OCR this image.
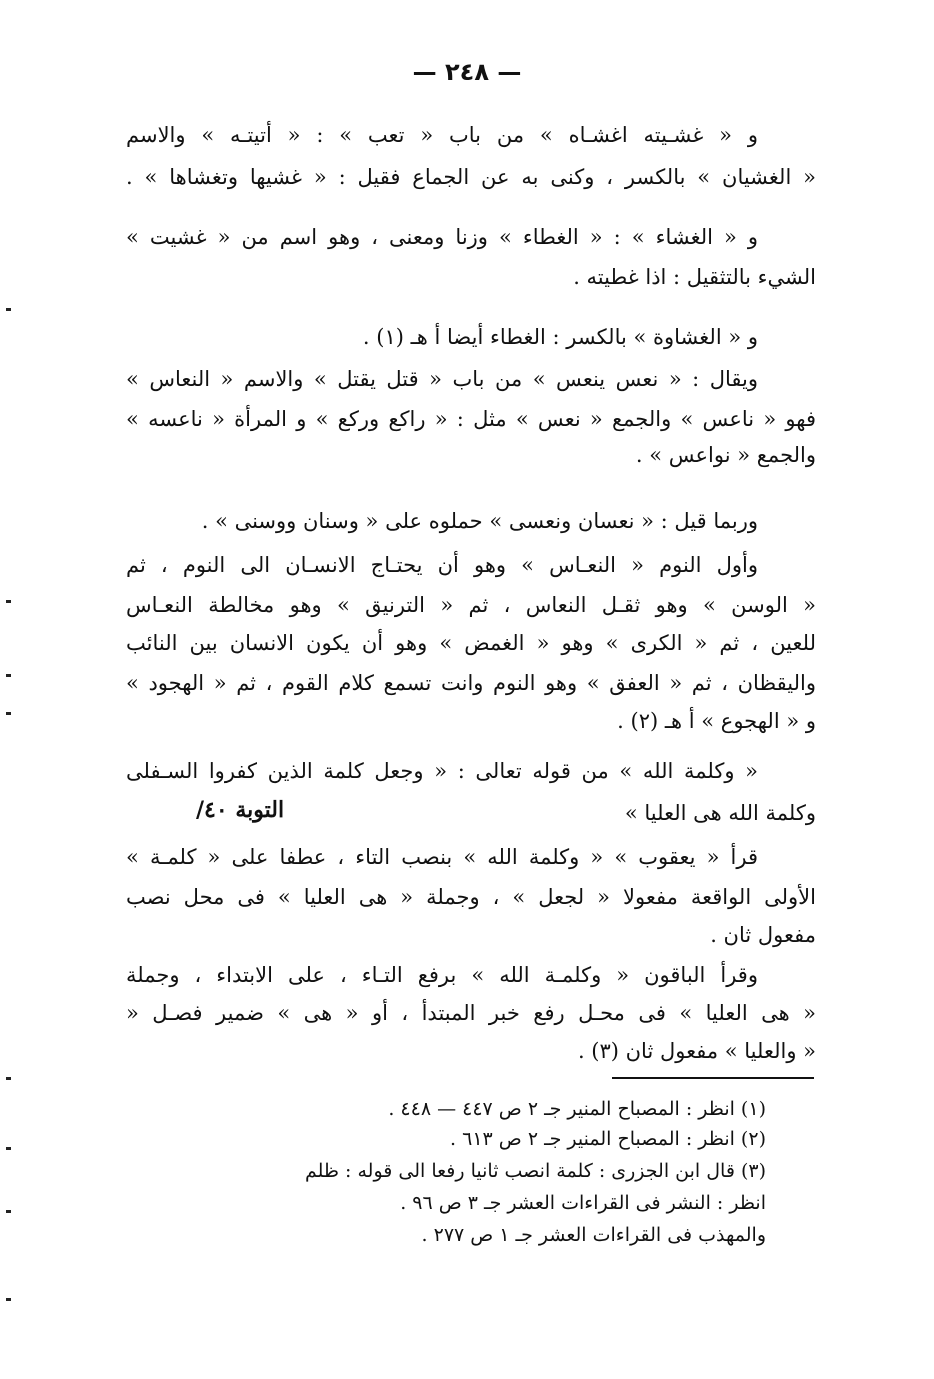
— ٢٤٨ —
و « غشـيته اغشـاه » من باب « تعب » : « أتيتـه » والاسم
« الغشيان » بالكسر ، وكنى به عن الجماع فقيل : « غشيها وتغشاها » .
و « الغشاء » : « الغطاء » وزنا ومعنى ، وهو اسم من « غشيت »
الشيء بالتثقيل : اذا غطيته .
و « الغشاوة » بالكسر : الغطاء أيضا أ هـ (١) .
ويقال : « نعس ينعس » من باب « قتل يقتل » والاسم « النعاس »
فهو « ناعس » والجمع « نعس » مثل : « راكع وركع » و المرأة « ناعسه »
والجمع « نواعس » .
وربما قيل : « نعسان ونعسى » حملوه على « وسنان ووسنى » .
وأول النوم « النعـاس » وهو أن يحتـاج الانسـان الى النوم ، ثم
« الوسن » وهو ثقـل النعاس ، ثم « الترنيق » وهو مخالطة النعـاس
للعين ، ثم « الكرى » وهو « الغمض » وهو أن يكون الانسان بين النائب
واليقظان ، ثم « العفق » وهو النوم وانت تسمع كلام القوم ، ثم « الهجود »
و « الهجوع » أ هـ (٢) .
« وكلمة الله » من قوله تعالى : « وجعل كلمة الذين كفروا السـفلى
وكلمة الله هى العليا »
التوبة ٤٠/
قرأ « يعقوب » « وكلمة الله » بنصب التاء ، عطفا على « كلمـة »
الأولى الواقعة مفعولا « لجعل » ، وجملة « هى العليا » فى محل نصب
مفعول ثان .
وقرأ الباقون « وكلمـة الله » برفع التـاء ، على الابتداء ، وجملة
« هى العليا » فى محـل رفع خبر المبتدأ ، أو « هى » ضمير فصـل «
« والعليا » مفعول ثان (٣) .
(١) انظر : المصباح المنير جـ ٢ ص ٤٤٧ — ٤٤٨ .
(٢) انظر : المصباح المنير جـ ٢ ص ٦١٣ .
(٣) قال ابن الجزرى : كلمة انصب ثانيا رفعا الى قوله : ظلم
انظر : النشر فى القراءات العشر جـ ٣ ص ٩٦ .
والمهذب فى القراءات العشر جـ ١ ص ٢٧٧ .
